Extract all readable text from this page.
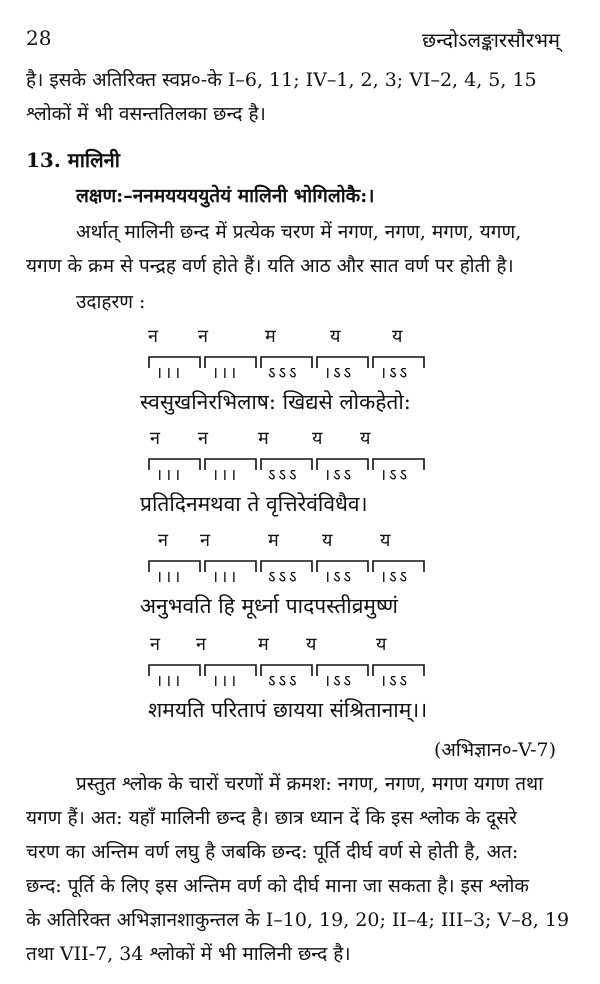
28	छन्दोऽलङ्कारसौरभम्
है। इसके अतिरिक्त स्वप्न०-के I–6, 11; IV–1, 2, 3; VI–2, 4, 5, 15
श्लोकों में भी वसन्ततिलका छन्द है।
13. मालिनी
लक्षण:–ननमययययुतेयं मालिनी भोगिलोकै:।
अर्थात् मालिनी छन्द में प्रत्येक चरण में नगण, नगण, मगण, यगण,
यगण के क्रम से पन्द्रह वर्ण होते हैं। यति आठ और सात वर्ण पर होती है।
उदाहरण :
न न	म	य	य
।।। ।।। ऽऽऽ ।ऽऽ ।ऽऽ
स्वसुखनिरभिलाष: खिद्यसे लोकहेतो:
न न	म य य
।।। ।।। ऽऽऽ ।ऽऽ ।ऽऽ
प्रतिदिनमथवा ते वृत्तिरेवंविधैव।
न न	म य	य
।।। ।।। ऽऽऽ ।ऽऽ ।ऽऽ
अनुभवति हि मूर्ध्ना पादपस्तीव्रमुष्णं
न न	म य	य
।।। ।।। ऽऽऽ ।ऽऽ ।ऽऽ
शमयति परितापं छायया संश्रितानाम्।।
(अभिज्ञान०-V-7)
प्रस्तुत श्लोक के चारों चरणों में क्रमश: नगण, नगण, मगण यगण तथा
यगण हैं। अत: यहाँ मालिनी छन्द है। छात्र ध्यान दें कि इस श्लोक के दूसरे
चरण का अन्तिम वर्ण लघु है जबकि छन्द: पूर्ति दीर्घ वर्ण से होती है, अत:
छन्द: पूर्ति के लिए इस अन्तिम वर्ण को दीर्घ माना जा सकता है। इस श्लोक
के अतिरिक्त अभिज्ञानशाकुन्तल के I–10, 19, 20; II–4; III–3; V–8, 19
तथा VII-7, 34 श्लोकों में भी मालिनी छन्द है।
